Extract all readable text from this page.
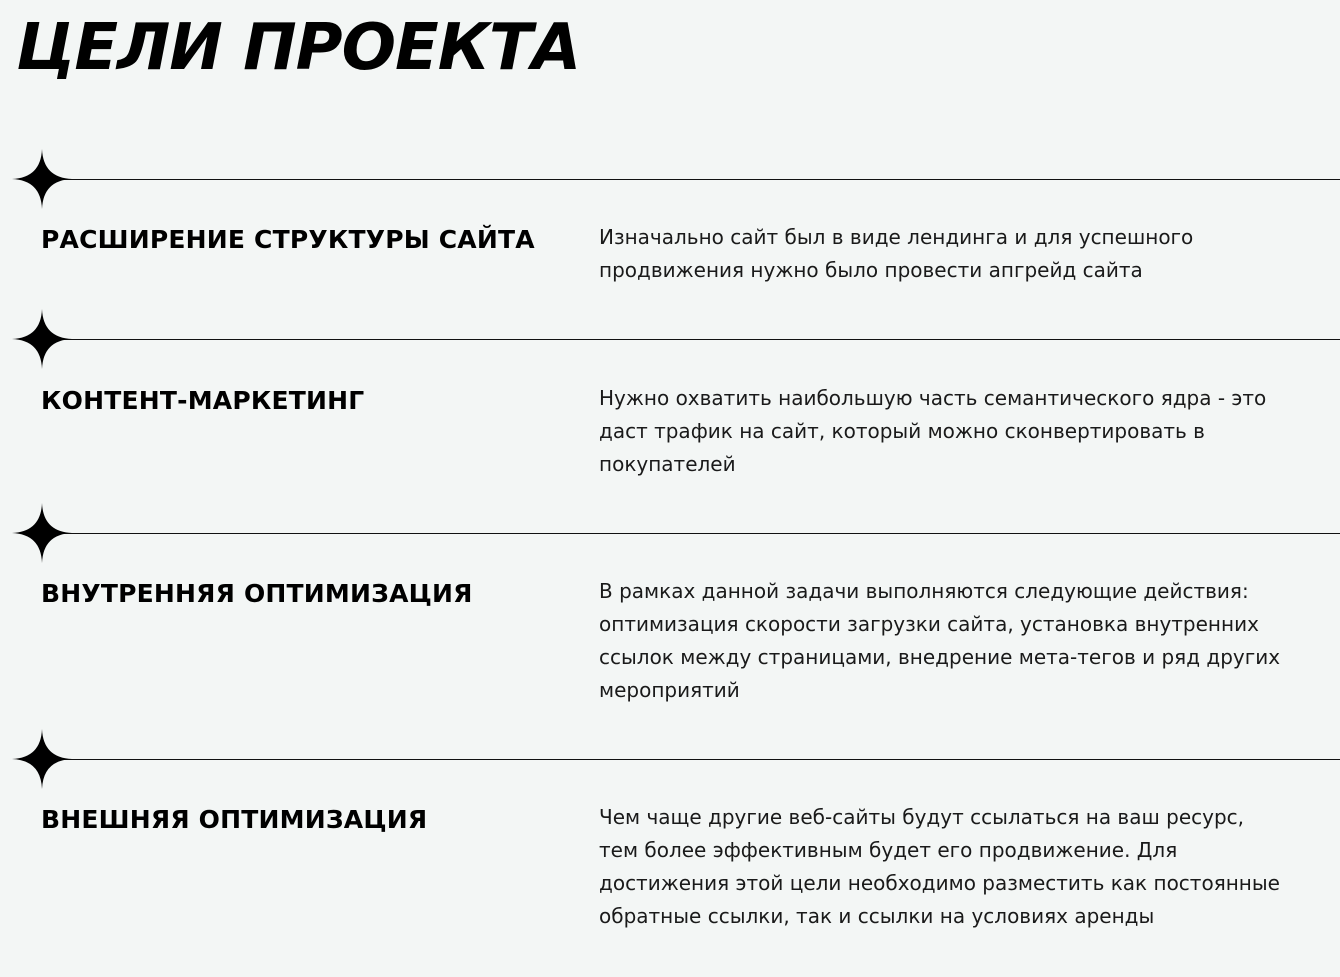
ЦЕЛИ ПРОЕКТА
РАСШИРЕНИЕ СТРУКТУРЫ САЙТА	Изначально сайт был в виде лендинга и для успешного продвижения нужно было провести апгрейд сайта

КОНТЕНТ-МАРКЕТИНГ	Нужно охватить наибольшую часть семантического ядра - это даст трафик на сайт, который можно сконвертировать в покупателей

ВНУТРЕННЯЯ ОПТИМИЗАЦИЯ	В рамках данной задачи выполняются следующие действия: оптимизация скорости загрузки сайта, установка внутренних ссылок между страницами, внедрение мета-тегов и ряд других мероприятий

ВНЕШНЯЯ ОПТИМИЗАЦИЯ	Чем чаще другие веб-сайты будут ссылаться на ваш ресурс, тем более эффективным будет его продвижение. Для достижения этой цели необходимо разместить как постоянные обратные ссылки, так и ссылки на условиях аренды
